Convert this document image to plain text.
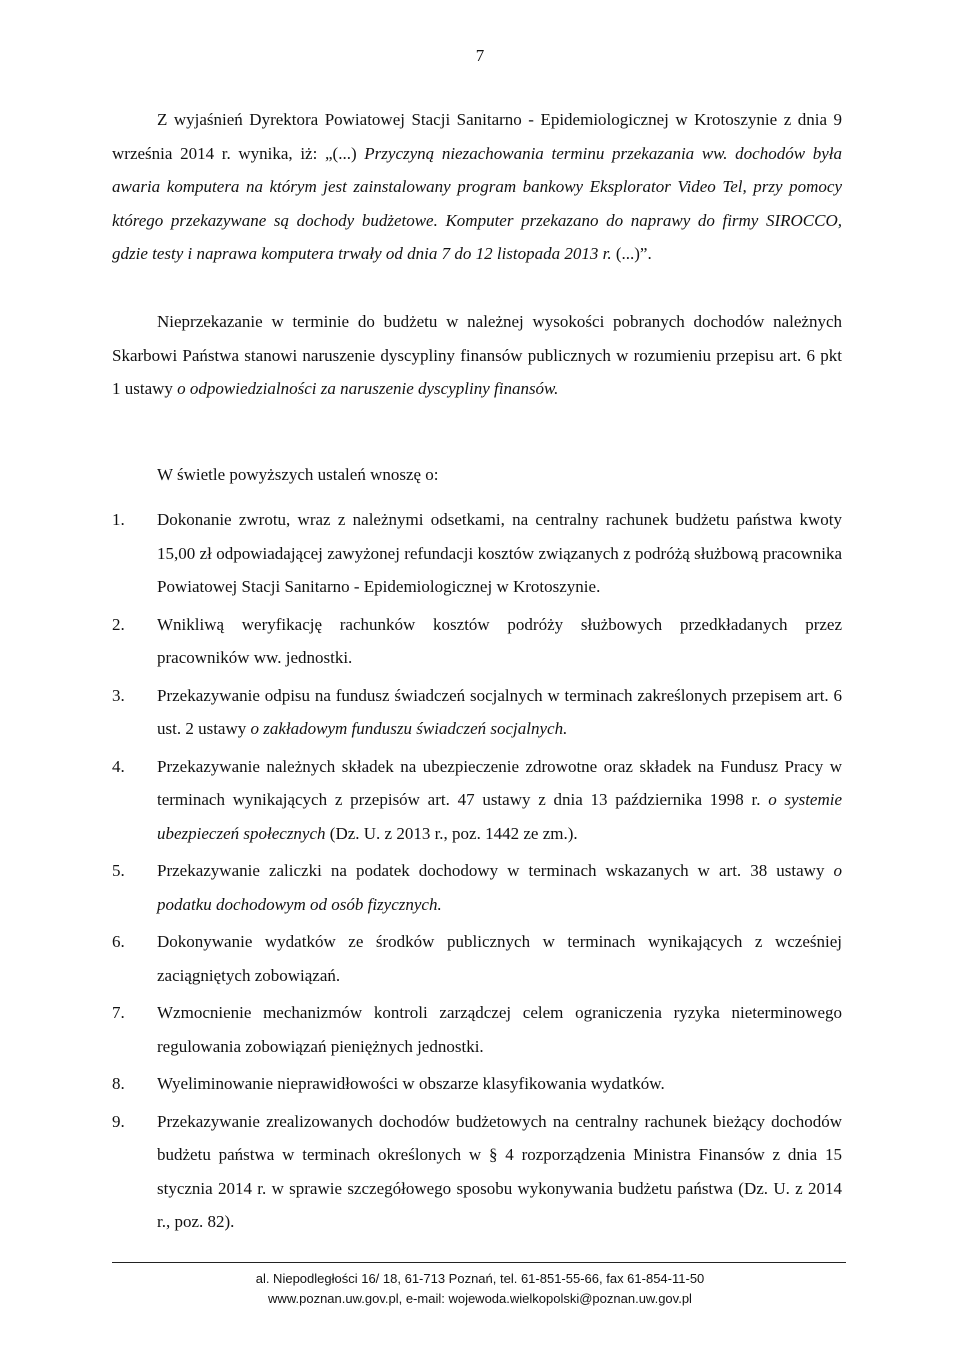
7
Z wyjaśnień Dyrektora Powiatowej Stacji Sanitarno - Epidemiologicznej w Krotoszynie z dnia 9 września 2014 r. wynika, iż: „(...) Przyczyną niezachowania terminu przekazania ww. dochodów była awaria komputera na którym jest zainstalowany program bankowy Eksplorator Video Tel, przy pomocy którego przekazywane są dochody budżetowe. Komputer przekazano do naprawy do firmy SIROCCO, gdzie testy i naprawa komputera trwały od dnia 7 do 12 listopada 2013 r. (...)”.
Nieprzekazanie w terminie do budżetu w należnej wysokości pobranych dochodów należnych Skarbowi Państwa stanowi naruszenie dyscypliny finansów publicznych w rozumieniu przepisu art. 6 pkt 1 ustawy o odpowiedzialności za naruszenie dyscypliny finansów.
W świetle powyższych ustaleń wnoszę o:
1. Dokonanie zwrotu, wraz z należnymi odsetkami, na centralny rachunek budżetu państwa kwoty 15,00 zł odpowiadającej zawyżonej refundacji kosztów związanych z podróżą służbową pracownika Powiatowej Stacji Sanitarno - Epidemiologicznej w Krotoszynie.
2. Wnikliwą weryfikację rachunków kosztów podróży służbowych przedkładanych przez pracowników ww. jednostki.
3. Przekazywanie odpisu na fundusz świadczeń socjalnych w terminach zakreślonych przepisem art. 6 ust. 2 ustawy o zakładowym funduszu świadczeń socjalnych.
4. Przekazywanie należnych składek na ubezpieczenie zdrowotne oraz składek na Fundusz Pracy w terminach wynikających z przepisów art. 47 ustawy z dnia 13 października 1998 r. o systemie ubezpieczeń społecznych (Dz. U. z 2013 r., poz. 1442 ze zm.).
5. Przekazywanie zaliczki na podatek dochodowy w terminach wskazanych w art. 38 ustawy o podatku dochodowym od osób fizycznych.
6. Dokonywanie wydatków ze środków publicznych w terminach wynikających z wcześniej zaciągniętych zobowiązań.
7. Wzmocnienie mechanizmów kontroli zarządczej celem ograniczenia ryzyka nieterminowego regulowania zobowiązań pieniężnych jednostki.
8. Wyeliminowanie nieprawidłowości w obszarze klasyfikowania wydatków.
9. Przekazywanie zrealizowanych dochodów budżetowych na centralny rachunek bieżący dochodów budżetu państwa w terminach określonych w § 4 rozporządzenia Ministra Finansów z dnia 15 stycznia 2014 r. w sprawie szczegółowego sposobu wykonywania budżetu państwa (Dz. U. z 2014 r., poz. 82).
al. Niepodległości 16/ 18, 61-713 Poznań, tel. 61-851-55-66, fax 61-854-11-50
www.poznan.uw.gov.pl, e-mail: wojewoda.wielkopolski@poznan.uw.gov.pl
